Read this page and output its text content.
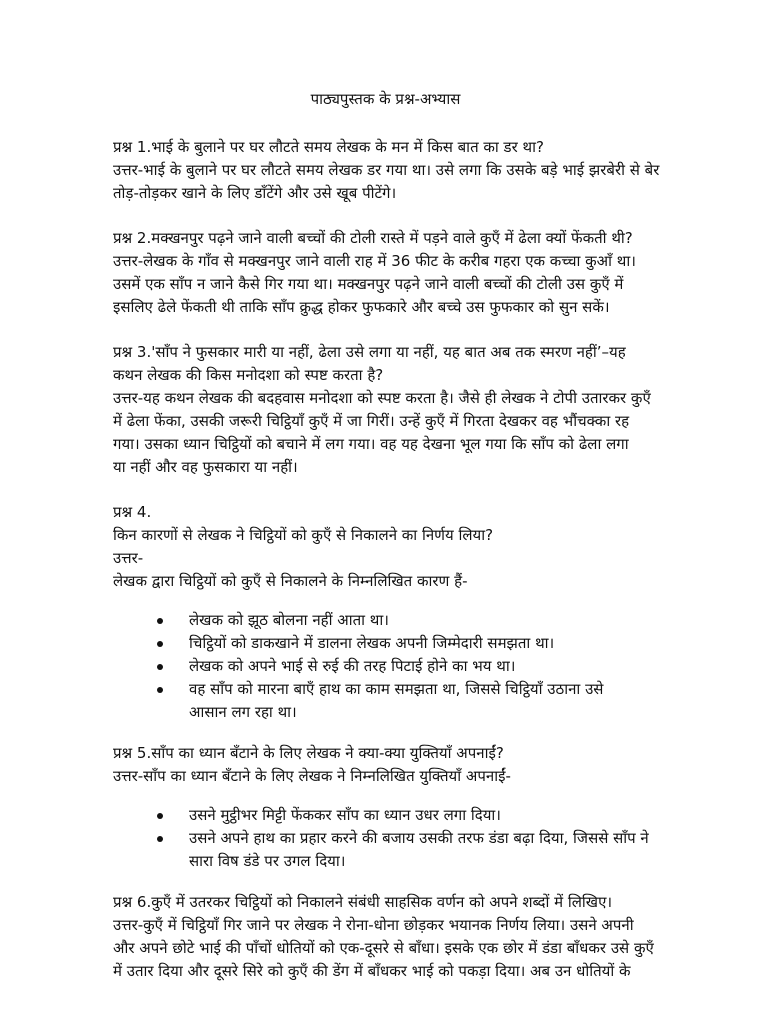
पाठ्यपुस्तक के प्रश्न-अभ्यास
प्रश्न 1.भाई के बुलाने पर घर लौटते समय लेखक के मन में किस बात का डर था?
उत्तर-भाई के बुलाने पर घर लौटते समय लेखक डर गया था। उसे लगा कि उसके बड़े भाई झरबेरी से बेर
तोड़-तोड़कर खाने के लिए डाँटेंगे और उसे खूब पीटेंगे।
प्रश्न 2.मक्खनपुर पढ़ने जाने वाली बच्चों की टोली रास्ते में पड़ने वाले कुएँ में ढेला क्यों फेंकती थी?
उत्तर-लेखक के गाँव से मक्खनपुर जाने वाली राह में 36 फीट के करीब गहरा एक कच्चा कुआँ था।
उसमें एक साँप न जाने कैसे गिर गया था। मक्खनपुर पढ़ने जाने वाली बच्चों की टोली उस कुएँ में
इसलिए ढेले फेंकती थी ताकि साँप क्रुद्ध होकर फुफकारे और बच्चे उस फुफकार को सुन सकें।
प्रश्न 3.'साँप ने फुसकार मारी या नहीं, ढेला उसे लगा या नहीं, यह बात अब तक स्मरण नहीं’–यह
कथन लेखक की किस मनोदशा को स्पष्ट करता है?
उत्तर-यह कथन लेखक की बदहवास मनोदशा को स्पष्ट करता है। जैसे ही लेखक ने टोपी उतारकर कुएँ
में ढेला फेंका, उसकी जरूरी चिट्ठियाँ कुएँ में जा गिरीं। उन्हें कुएँ में गिरता देखकर वह भौंचक्का रह
गया। उसका ध्यान चिट्ठियों को बचाने में लग गया। वह यह देखना भूल गया कि साँप को ढेला लगा
या नहीं और वह फुसकारा या नहीं।
प्रश्न 4.
किन कारणों से लेखक ने चिट्ठियों को कुएँ से निकालने का निर्णय लिया?
उत्तर-
लेखक द्वारा चिट्ठियों को कुएँ से निकालने के निम्नलिखित कारण हैं-
लेखक को झूठ बोलना नहीं आता था।
चिट्ठियों को डाकखाने में डालना लेखक अपनी जिम्मेदारी समझता था।
लेखक को अपने भाई से रुई की तरह पिटाई होने का भय था।
वह साँप को मारना बाएँ हाथ का काम समझता था, जिससे चिट्ठियाँ उठाना उसे
आसान लग रहा था।
प्रश्न 5.साँप का ध्यान बँटाने के लिए लेखक ने क्या-क्या युक्तियाँ अपनाईं?
उत्तर-साँप का ध्यान बँटाने के लिए लेखक ने निम्नलिखित युक्तियाँ अपनाईं-
उसने मुट्ठीभर मिट्टी फेंककर साँप का ध्यान उधर लगा दिया।
उसने अपने हाथ का प्रहार करने की बजाय उसकी तरफ डंडा बढ़ा दिया, जिससे साँप ने
सारा विष डंडे पर उगल दिया।
प्रश्न 6.कुएँ में उतरकर चिट्ठियों को निकालने संबंधी साहसिक वर्णन को अपने शब्दों में लिखिए।
उत्तर-कुएँ में चिट्ठियाँ गिर जाने पर लेखक ने रोना-धोना छोड़कर भयानक निर्णय लिया। उसने अपनी
और अपने छोटे भाई की पाँचों धोतियों को एक-दूसरे से बाँधा। इसके एक छोर में डंडा बाँधकर उसे कुएँ
में उतार दिया और दूसरे सिरे को कुएँ की डेंग में बाँधकर भाई को पकड़ा दिया। अब उन धोतियों के
